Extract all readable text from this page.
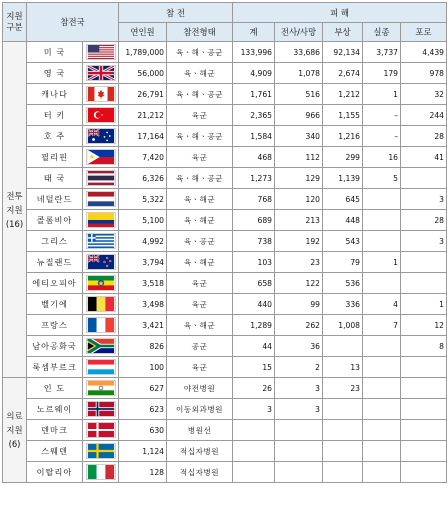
지원
구분	참전국		참 전		피 해				
			연인원	참전형태	계	전사/사망	부상	실종	포로
전투
지원
(16)	미 국		1,789,000	육ㆍ해ㆍ공군	133,996	33,686	92,134	3,737	4,439
	영 국		56,000	육ㆍ해군	4,909	1,078	2,674	179	978
	캐나다		26,791	육ㆍ해ㆍ공군	1,761	516	1,212	1	32
	터 키		21,212	육군	2,365	966	1,155	–	244
	호 주		17,164	육ㆍ해ㆍ공군	1,584	340	1,216	–	28
	필리핀		7,420	육군	468	112	299	16	41
	태 국		6,326	육ㆍ해ㆍ공군	1,273	129	1,139	5	
	네덜란드		5,322	육ㆍ해군	768	120	645		3
	콜롬비아		5,100	육ㆍ해군	689	213	448		28
	그리스		4,992	육ㆍ공군	738	192	543		3
	뉴질랜드		3,794	육ㆍ해군	103	23	79	1	
	에티오피아		3,518	육군	658	122	536		
	벨기에		3,498	육군	440	99	336	4	1
	프랑스		3,421	육ㆍ해군	1,289	262	1,008	7	12
	남아공화국		826	공군	44	36			8
	룩셈부르크		100	육군	15	2	13		
의료
지원
(6)	인 도		627	야전병원	26	3	23		
	노르웨이		623	이동외과병원	3	3			
	덴마크		630	병원선					
	스웨덴		1,124	적십자병원					
	이탈리아		128	적십자병원					
